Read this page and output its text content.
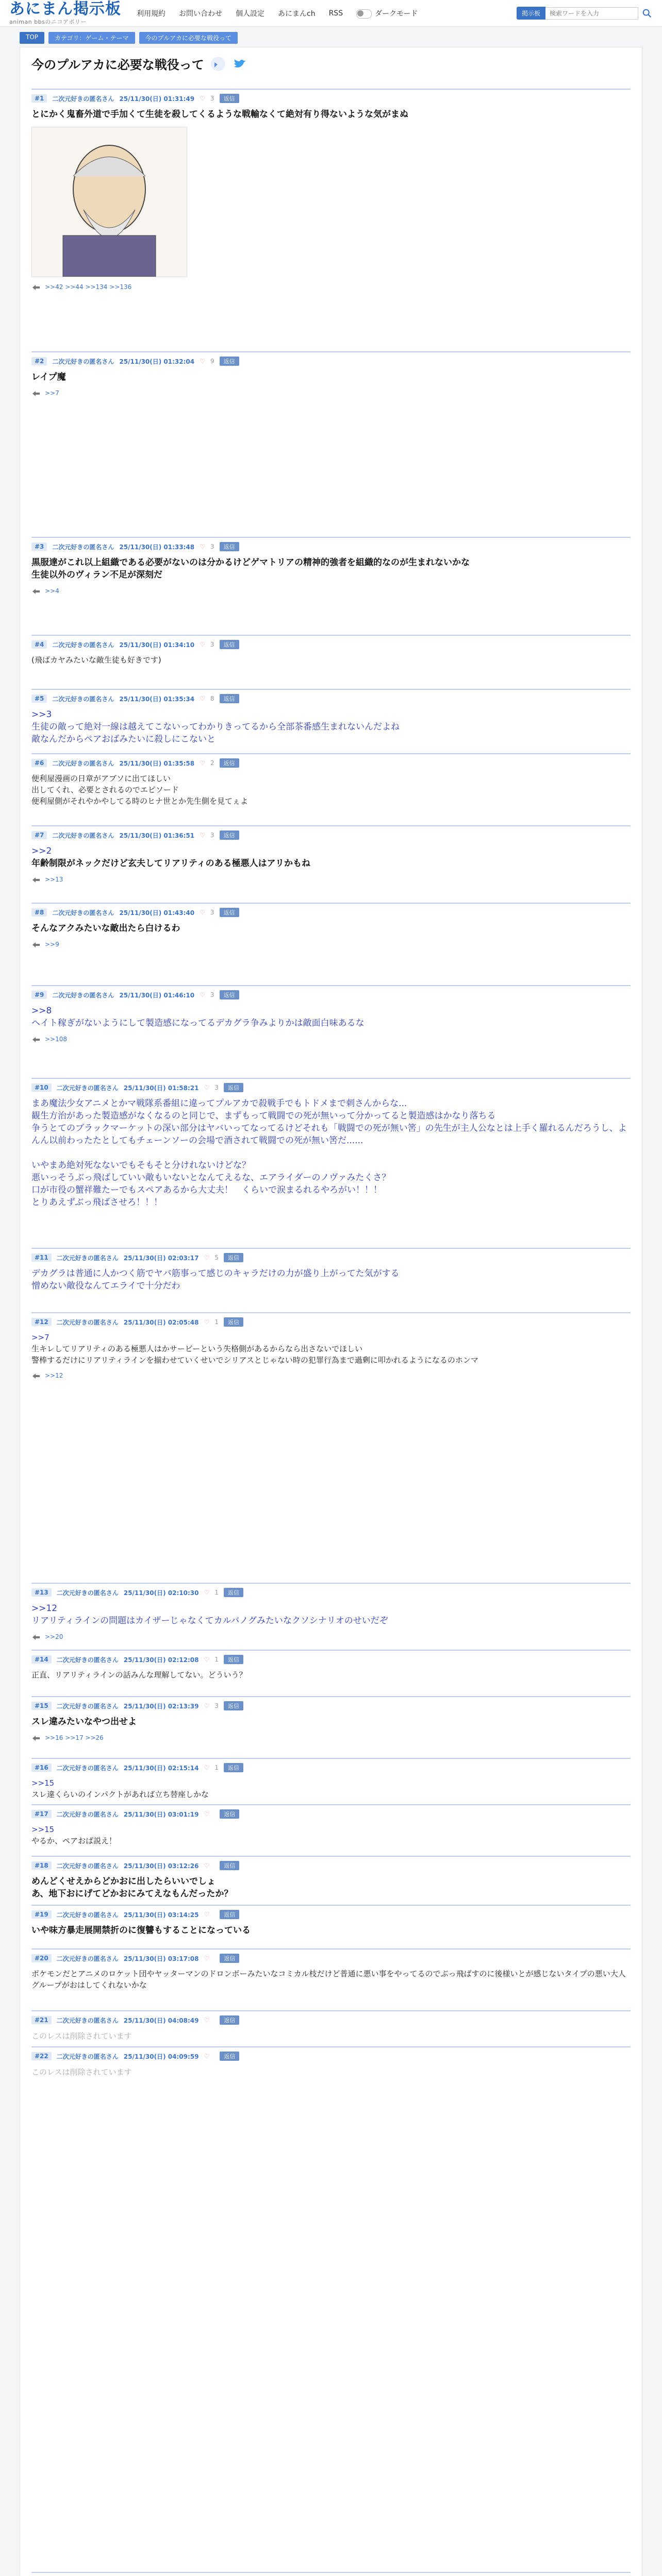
あにまん掲示板
animan bbsのニコアポリー
利用規約 お問い合わせ 個人設定 あにまんch RSS	ダークモード	掲示板
検索ワードを入力
TOP	カテゴリ：ゲーム・テーマ	今のプルアカに必要な戦役って
今のプルアカに必要な戦役って
#1	二次元好きの匿名さん 25/11/30(日) 01:31:49 ♡ 3	返信
とにかく鬼畜外道で手加くて生徒を殺してくるような戦輸なくて絶対有り得ないような気がまぬ
>>42 >>44 >>134 >>136
#2	二次元好きの匿名さん 25/11/30(日) 01:32:04 ♡ 9	返信
レイプ魔
>>7
#3	二次元好きの匿名さん 25/11/30(日) 01:33:48 ♡ 3	返信
黒服達がこれ以上組織である必要がないのは分かるけどゲマトリアの精神的強者を組織的なのが生まれないかな
生徒以外のヴィラン不足が深刻だ
>>4
#4	二次元好きの匿名さん 25/11/30(日) 01:34:10 ♡ 3	返信
(飛ばカヤみたいな敵生徒も好きです)
#5	二次元好きの匿名さん 25/11/30(日) 01:35:34 ♡ 8	返信
>>3
生徒の敵って絶対一線は越えてこないってわかりきってるから全部茶番感生まれないんだよね
敵なんだからペアおばみたいに殺しにこないと
#6	二次元好きの匿名さん 25/11/30(日) 01:35:58 ♡ 2	返信
便利屋漫画の日章がアブソに出てほしい
出してくれ、必要とされるのでエピソード
便利屋側がそれやかやしてる時のヒナ世とか先生側を見てぇよ
#7	二次元好きの匿名さん 25/11/30(日) 01:36:51 ♡ 3	返信
>>2
年齢制限がネックだけど玄夫してリアリティのある極悪人はアリかもね
>>13
#8	二次元好きの匿名さん 25/11/30(日) 01:43:40 ♡ 3	返信
そんなアクみたいな敵出たら白けるわ
>>9
#9	二次元好きの匿名さん 25/11/30(日) 01:46:10 ♡ 3	返信
>>8
ヘイト稼ぎがないようにして製造感になってるデカグラ争みよりかは敵面白味あるな
>>108
#10	二次元好きの匿名さん 25/11/30(日) 01:58:21 ♡ 3	返信
まあ魔法少女アニメとかマ戦隊系番組に違ってプルアカで殺戦手でもトドメまで刺さんからな...
観生方治があった製造感がなくなるのと同じで、まずもって戦闘での死が無いって分かってると製造感はかなり落ちる
争うとてのブラックマーケットの深い部分はヤバいってなってるけどそれも「戦闘での死が無い筈」の先生が主人公なとは上手く羅れるんだろうし、よんん以前わったたとしてもチェーンソーの会場で酒されて戦闘での死が無い筈だ......

いやまあ絶対死なないでもそもそと分けれないけどな？
悪いっそうぶっ飛ばしていい敵もいないとなんてえるな、エアライダーのノヴァみたくさ？
口が市役の蟹祥難たーでもスペアあるから大丈夫！　くらいで涙まるれるやろがい！！！
とりあえずぶっ飛ばさせろ！！！
#11	二次元好きの匿名さん 25/11/30(日) 02:03:17 ♡ 5	返信
デカグラは普通に人かつく筋でヤバ筋事って感じのキャラだけの力が盛り上がってた気がする
憎めない敵役なんてエライで十分だわ
#12	二次元好きの匿名さん 25/11/30(日) 02:05:48 ♡ 1	返信
>>7
生キレしてリアリティのある極悪人はかサービーという失格側があるからなら出さないでほしい
警棒するだけにリアリティラインを揃わせていくせいでシリアスとじゃない時の犯罪行為まで過剰に叩かれるようになるのホンマ
>>12
#13	二次元好きの匿名さん 25/11/30(日) 02:10:30 ♡ 1	返信
>>12
リアリティラインの問題はカイザーじゃなくてカルバノグみたいなクソシナリオのせいだぞ
>>20
#14	二次元好きの匿名さん 25/11/30(日) 02:12:08 ♡ 1	返信
正直、リアリティラインの話みんな理解してない。どういう？
#15	二次元好きの匿名さん 25/11/30(日) 02:13:39 ♡ 3	返信
スレ違みたいなやつ出せよ
>>16 >>17 >>26
#16	二次元好きの匿名さん 25/11/30(日) 02:15:14 ♡ 1	返信
>>15
スレ違くらいのインパクトがあれば立ち替座しかな
#17	二次元好きの匿名さん 25/11/30(日) 03:01:19 ♡	返信
>>15
やるか、ペアおば説え！
#18	二次元好きの匿名さん 25/11/30(日) 03:12:26 ♡	返信
めんどくせえからどかおに出したらいいでしょ
あ、地下おにげてどかおにみてえなもんだったか？
#19	二次元好きの匿名さん 25/11/30(日) 03:14:25 ♡	返信
いや味方暴走展開禁折のに復讐もすることになっている
#20	二次元好きの匿名さん 25/11/30(日) 03:17:08 ♡	返信
ポケモンだとアニメのロケット団やヤッターマンのドロンボーみたいなコミカル枝だけど普通に悪い事をやってるのでぶっ飛ばすのに後様いとが感じないタイプの悪い大人グループがおはしてくれないかな
#21	二次元好きの匿名さん 25/11/30(日) 04:08:49 ♡	返信
このレスは削除されています
#22	二次元好きの匿名さん 25/11/30(日) 04:09:59 ♡	返信
このレスは削除されています
